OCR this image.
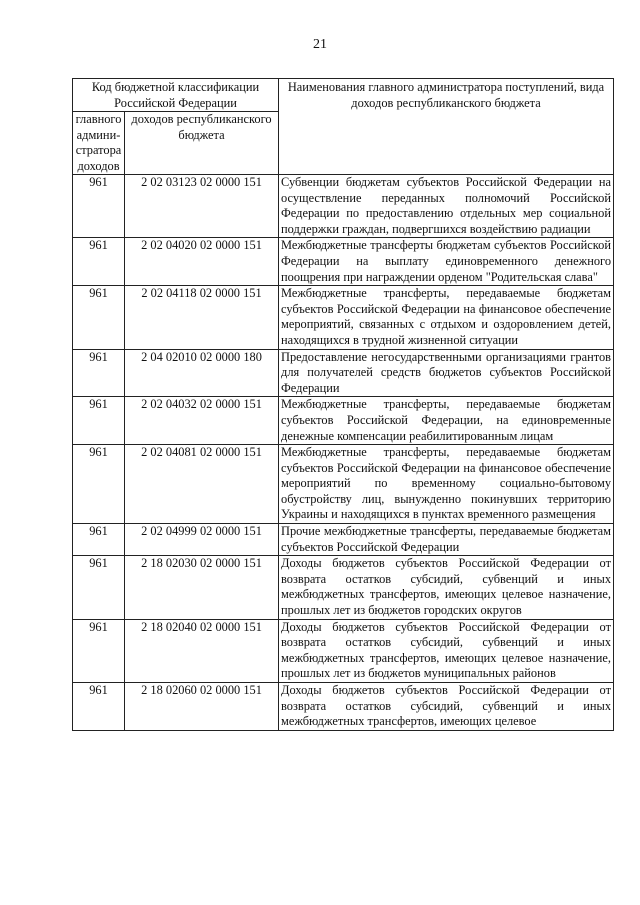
21
Код бюджетной классификации Российской Федерации		Наименования главного администратора поступлений, вида доходов республиканского бюджета
главного админи-стратора доходов	доходов республиканского бюджета	
961	2 02 03123 02 0000 151	Субвенции бюджетам субъектов Российской Федерации на осуществление переданных полномочий Российской Федерации по предоставлению отдельных мер социальной поддержки граждан, подвергшихся воздействию радиации
961	2 02 04020 02 0000 151	Межбюджетные трансферты бюджетам субъектов Российской Федерации на выплату единовременного денежного поощрения при награждении орденом "Родительская слава"
961	2 02 04118 02 0000 151	Межбюджетные трансферты, передаваемые бюджетам субъектов Российской Федерации на финансовое обеспечение мероприятий, связанных с отдыхом и оздоровлением детей, находящихся в трудной жизненной ситуации
961	2 04 02010 02 0000 180	Предоставление негосударственными организациями грантов для получателей средств бюджетов субъектов Российской Федерации
961	2 02 04032 02 0000 151	Межбюджетные трансферты, передаваемые бюджетам субъектов Российской Федерации, на единовременные денежные компенсации реабилитированным лицам
961	2 02 04081 02 0000 151	Межбюджетные трансферты, передаваемые бюджетам субъектов Российской Федерации на финансовое обеспечение мероприятий по временному социально-бытовому обустройству лиц, вынужденно покинувших территорию Украины и находящихся в пунктах временного размещения
961	2 02 04999 02 0000 151	Прочие межбюджетные трансферты, передаваемые бюджетам субъектов Российской Федерации
961	2 18 02030 02 0000 151	Доходы бюджетов субъектов Российской Федерации от возврата остатков субсидий, субвенций и иных межбюджетных трансфертов, имеющих целевое назначение, прошлых лет из бюджетов городских округов
961	2 18 02040 02 0000 151	Доходы бюджетов субъектов Российской Федерации от возврата остатков субсидий, субвенций и иных межбюджетных трансфертов, имеющих целевое назначение, прошлых лет из бюджетов муниципальных районов
961	2 18 02060 02 0000 151	Доходы бюджетов субъектов Российской Федерации от возврата остатков субсидий, субвенций и иных межбюджетных трансфертов, имеющих целевое
